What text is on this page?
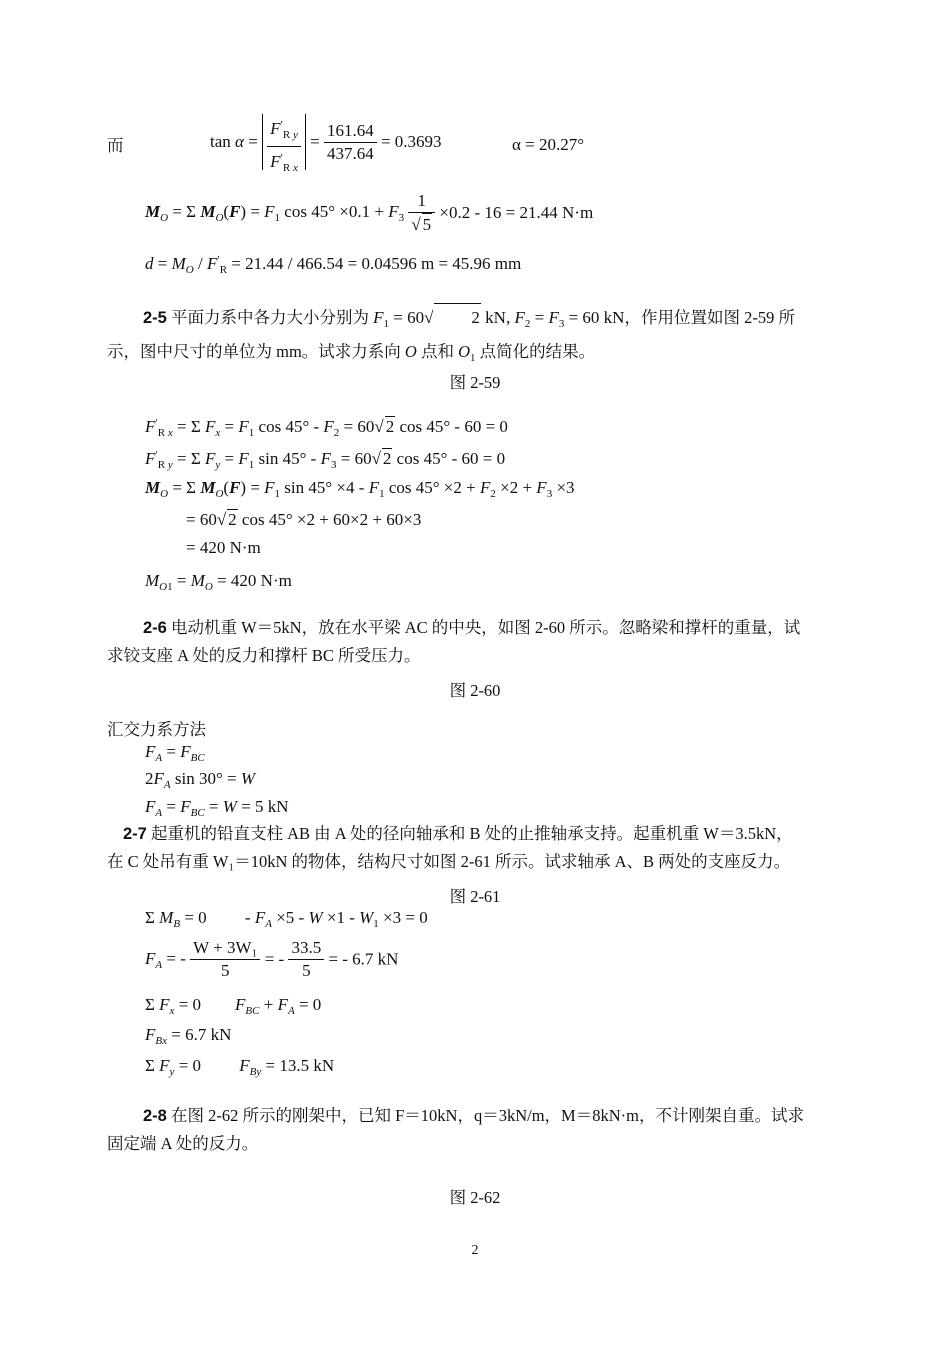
而	$\tan \alpha = \frac{F'_{R y}}{F'_{R x}} = \frac{161.64}{437.64} = 0.3693$	α = 20.27°
$M_O = \Sigma$ $M_O(F) = F_1$ $\cos 45^\circ \times 0.1 + F_3 \frac{1}{√ 5} \times 0.2 - 16 = 21.44$ N·m
$d = M_O / F'_R = 21.44 / 466.54 = 0.04596$ m = 45.96 mm
2-5 平面力系中各力大小分别为 $F_1 = 60√$ 2 kN, $F_2 = F_3 = 60$ kN，作用位置如图 2-59 所
示，图中尺寸的单位为 mm。试求力系向 O 点和 $O_1$ 点简化的结果。
图 2-59
$F'_{R x} = \Sigma$ $F_x = F_1$ $\cos 45^\circ - F_2 = 60√$ 2 cos 45° - 60 = 0
$F'_{R y} = \Sigma$ $F_y = F_1$ $\sin 45^\circ - F_3 = 60√$ 2 cos 45° - 60 = 0
$M_O = \Sigma$ $M_O(F) = F_1$ $\sin 45^\circ \times 4 - F_1$ $\cos 45^\circ \times 2 + F_2 \times 2 + F_3 \times 3$
= 60√ 2 cos 45° ×2 + 60×2 + 60×3
= 420 N·m
$M_{O1} = M_O = 420$ N·m
2-6 电动机重 W＝5kN，放在水平梁 AC 的中央，如图 2-60 所示。忽略梁和撑杆的重量，试
求铰支座 A 处的反力和撑杆 BC 所受压力。
图 2-60
汇交力系方法
$F_A = F_{BC}$
$2F_A$ sin 30° = W
$F_A = F_{BC} = W = 5$ kN
2-7 起重机的铅直支柱 AB 由 A 处的径向轴承和 B 处的止推轴承支持。起重机重 W＝3.5kN，
在 C 处吊有重 W₁＝10kN 的物体，结构尺寸如图 2-61 所示。试求轴承 A、B 两处的支座反力。
图 2-61
Σ $M_B = 0$         - $F_A \times 5 - W \times 1 - W_1 \times 3 = 0$
$F_A$ = - $\frac{\text{W + 3W₁}}{5}$ = - $\frac{33.5}{5}$ = - 6.7 kN
Σ $F_x = 0$        $F_{BC} + F_A = 0$
$F_{Bx} = 6.7$ kN
Σ $F_y = 0$         $F_{By} = 13.5$ kN
2-8 在图 2-62 所示的刚架中，已知 F＝10kN，q＝3kN/m，M＝8kN·m，不计刚架自重。试求
固定端 A 处的反力。
图 2-62
2
